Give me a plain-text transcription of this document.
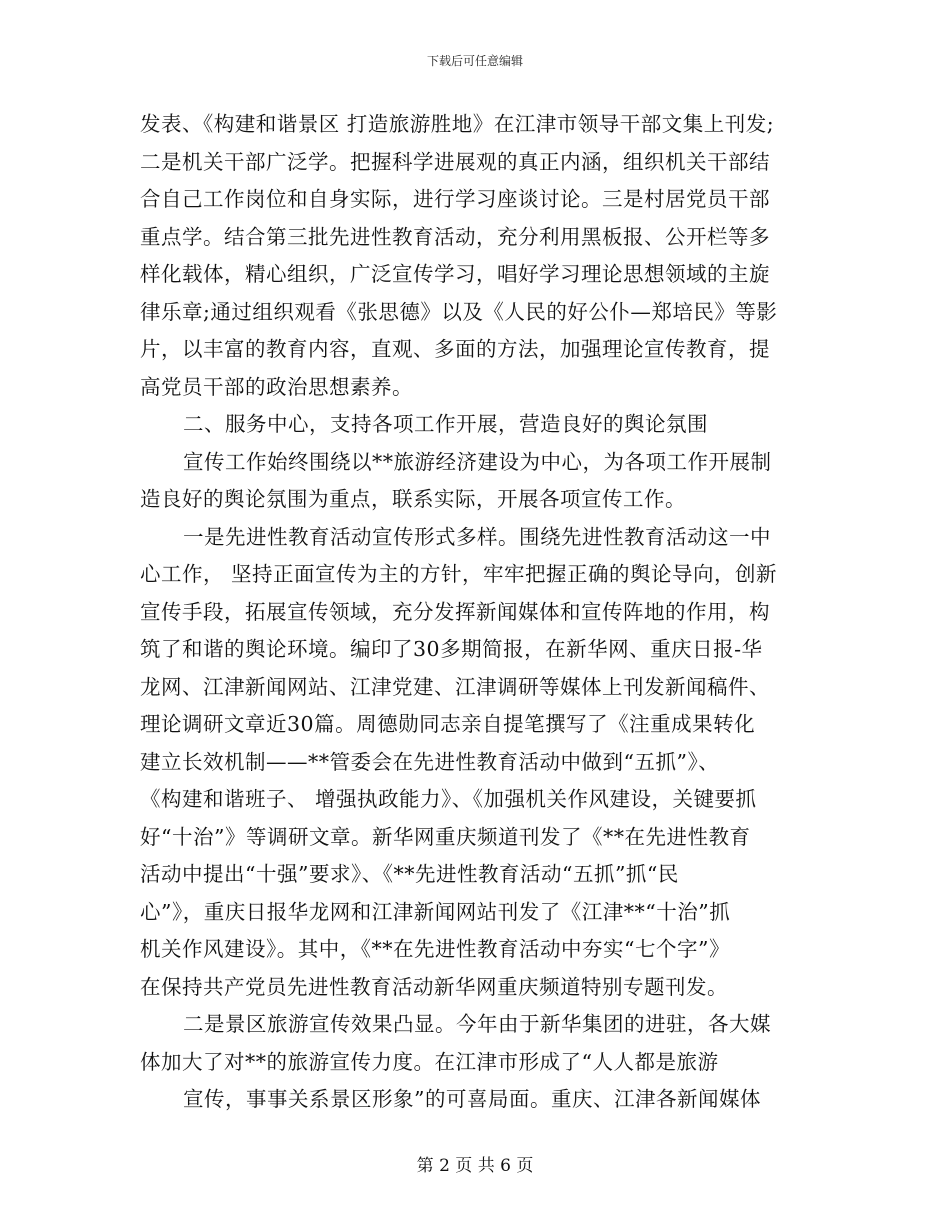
下载后可任意编辑
发表、《构建和谐景区 打造旅游胜地》在江津市领导干部文集上刊发;
二是机关干部广泛学。把握科学进展观的真正内涵，组织机关干部结
合自己工作岗位和自身实际，进行学习座谈讨论。三是村居党员干部
重点学。结合第三批先进性教育活动，充分利用黑板报、公开栏等多
样化载体，精心组织，广泛宣传学习，唱好学习理论思想领域的主旋
律乐章;通过组织观看《张思德》以及《人民的好公仆—郑培民》等影
片，以丰富的教育内容，直观、多面的方法，加强理论宣传教育，提
高党员干部的政治思想素养。
二、服务中心，支持各项工作开展，营造良好的舆论氛围
宣传工作始终围绕以**旅游经济建设为中心，为各项工作开展制
造良好的舆论氛围为重点，联系实际，开展各项宣传工作。
一是先进性教育活动宣传形式多样。围绕先进性教育活动这一中
心工作， 坚持正面宣传为主的方针，牢牢把握正确的舆论导向，创新
宣传手段，拓展宣传领域，充分发挥新闻媒体和宣传阵地的作用，构
筑了和谐的舆论环境。编印了30多期简报，在新华网、重庆日报-华
龙网、江津新闻网站、江津党建、江津调研等媒体上刊发新闻稿件、
理论调研文章近30篇。周德勋同志亲自提笔撰写了《注重成果转化
建立长效机制——**管委会在先进性教育活动中做到“五抓”》、
《构建和谐班子、 增强执政能力》、《加强机关作风建设，关键要抓
好“十治”》等调研文章。新华网重庆频道刊发了《**在先进性教育
活动中提出“十强”要求》、《**先进性教育活动“五抓”抓“民
心”》，重庆日报华龙网和江津新闻网站刊发了《江津**“十治”抓
机关作风建设》。其中，《**在先进性教育活动中夯实“七个字”》
在保持共产党员先进性教育活动新华网重庆频道特别专题刊发。
二是景区旅游宣传效果凸显。今年由于新华集团的进驻，各大媒
体加大了对**的旅游宣传力度。在江津市形成了“人人都是旅游
宣传，事事关系景区形象”的可喜局面。重庆、江津各新闻媒体
第 2 页 共 6 页
